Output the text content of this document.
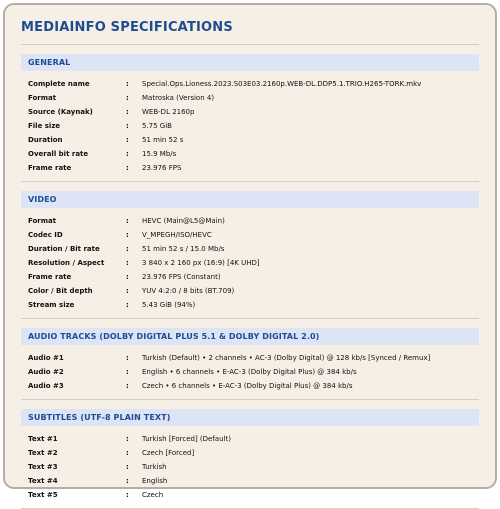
MEDIAINFO SPECIFICATIONS
GENERAL
Complete name	:	Special.Ops.Lioness.2023.S03E03.2160p.WEB-DL.DDP5.1.TRIO.H265-TORK.mkv
Format	:	Matroska (Version 4)
Source (Kaynak)	:	WEB-DL 2160p
File size	:	5.75 GiB
Duration	:	51 min 52 s
Overall bit rate	:	15.9 Mb/s
Frame rate	:	23.976 FPS
VIDEO
Format	:	HEVC (Main@L5@Main)
Codec ID	:	V_MPEGH/ISO/HEVC
Duration / Bit rate	:	51 min 52 s / 15.0 Mb/s
Resolution / Aspect	:	3 840 x 2 160 px (16:9) [4K UHD]
Frame rate	:	23.976 FPS (Constant)
Color / Bit depth	:	YUV 4:2:0 / 8 bits (BT.709)
Stream size	:	5.43 GiB (94%)
AUDIO TRACKS (DOLBY DIGITAL PLUS 5.1 & DOLBY DIGITAL 2.0)
Audio #1	:	Turkish (Default) • 2 channels • AC-3 (Dolby Digital) @ 128 kb/s [Synced / Remux]
Audio #2	:	English • 6 channels • E-AC-3 (Dolby Digital Plus) @ 384 kb/s
Audio #3	:	Czech • 6 channels • E-AC-3 (Dolby Digital Plus) @ 384 kb/s
SUBTITLES (UTF-8 PLAIN TEXT)
Text #1	:	Turkish [Forced] (Default)
Text #2	:	Czech [Forced]
Text #3	:	Turkish
Text #4	:	English
Text #5	:	Czech
